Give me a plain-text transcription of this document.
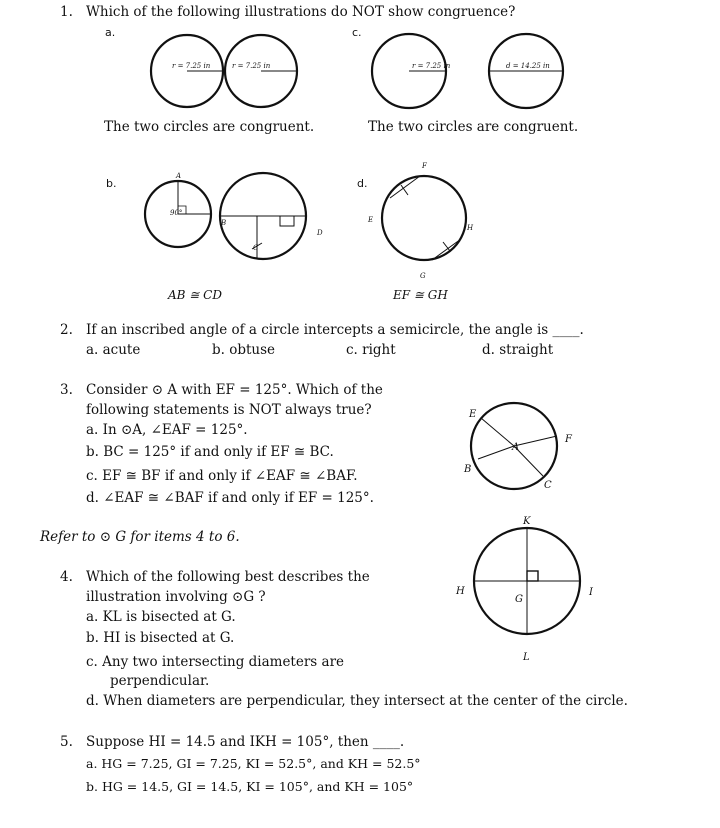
1. Which of the following illustrations do NOT show congruence?
a.
r = 7.25 in	r = 7.25 in
c.
r = 7.25 in	d = 14.25 in
The two circles are congruent.	The two circles are congruent.
b.
90°
A
B
C
D
d.
F
E
H
G
AB ≅ CD	EF ≅ GH
2. If an inscribed angle of a circle intercepts a semicircle, the angle is ____.
a. acute	b. obtuse	c. right	d. straight
3. Consider ⊙ A with EF = 125°. Which of the
following statements is NOT always true?
a. In ⊙A, ∠EAF = 125°.
b. BC = 125° if and only if EF ≅ BC.
c. EF ≅ BF if and only if ∠EAF ≅ ∠BAF.
d. ∠EAF ≅ ∠BAF if and only if EF = 125°.
E
F
A
B
C
Refer to ⊙ G for items 4 to 6.
4. Which of the following best describes the
illustration involving ⊙G ?
a. KL is bisected at G.
b. HI is bisected at G.
c. Any two intersecting diameters are
perpendicular.
d. When diameters are perpendicular, they intersect at the center of the circle.
K
H
G
I
L
5. Suppose HI = 14.5 and IKH = 105°, then ____.
a. HG = 7.25, GI = 7.25, KI = 52.5°, and KH = 52.5°
b. HG = 14.5, GI = 14.5, KI = 105°, and KH = 105°
